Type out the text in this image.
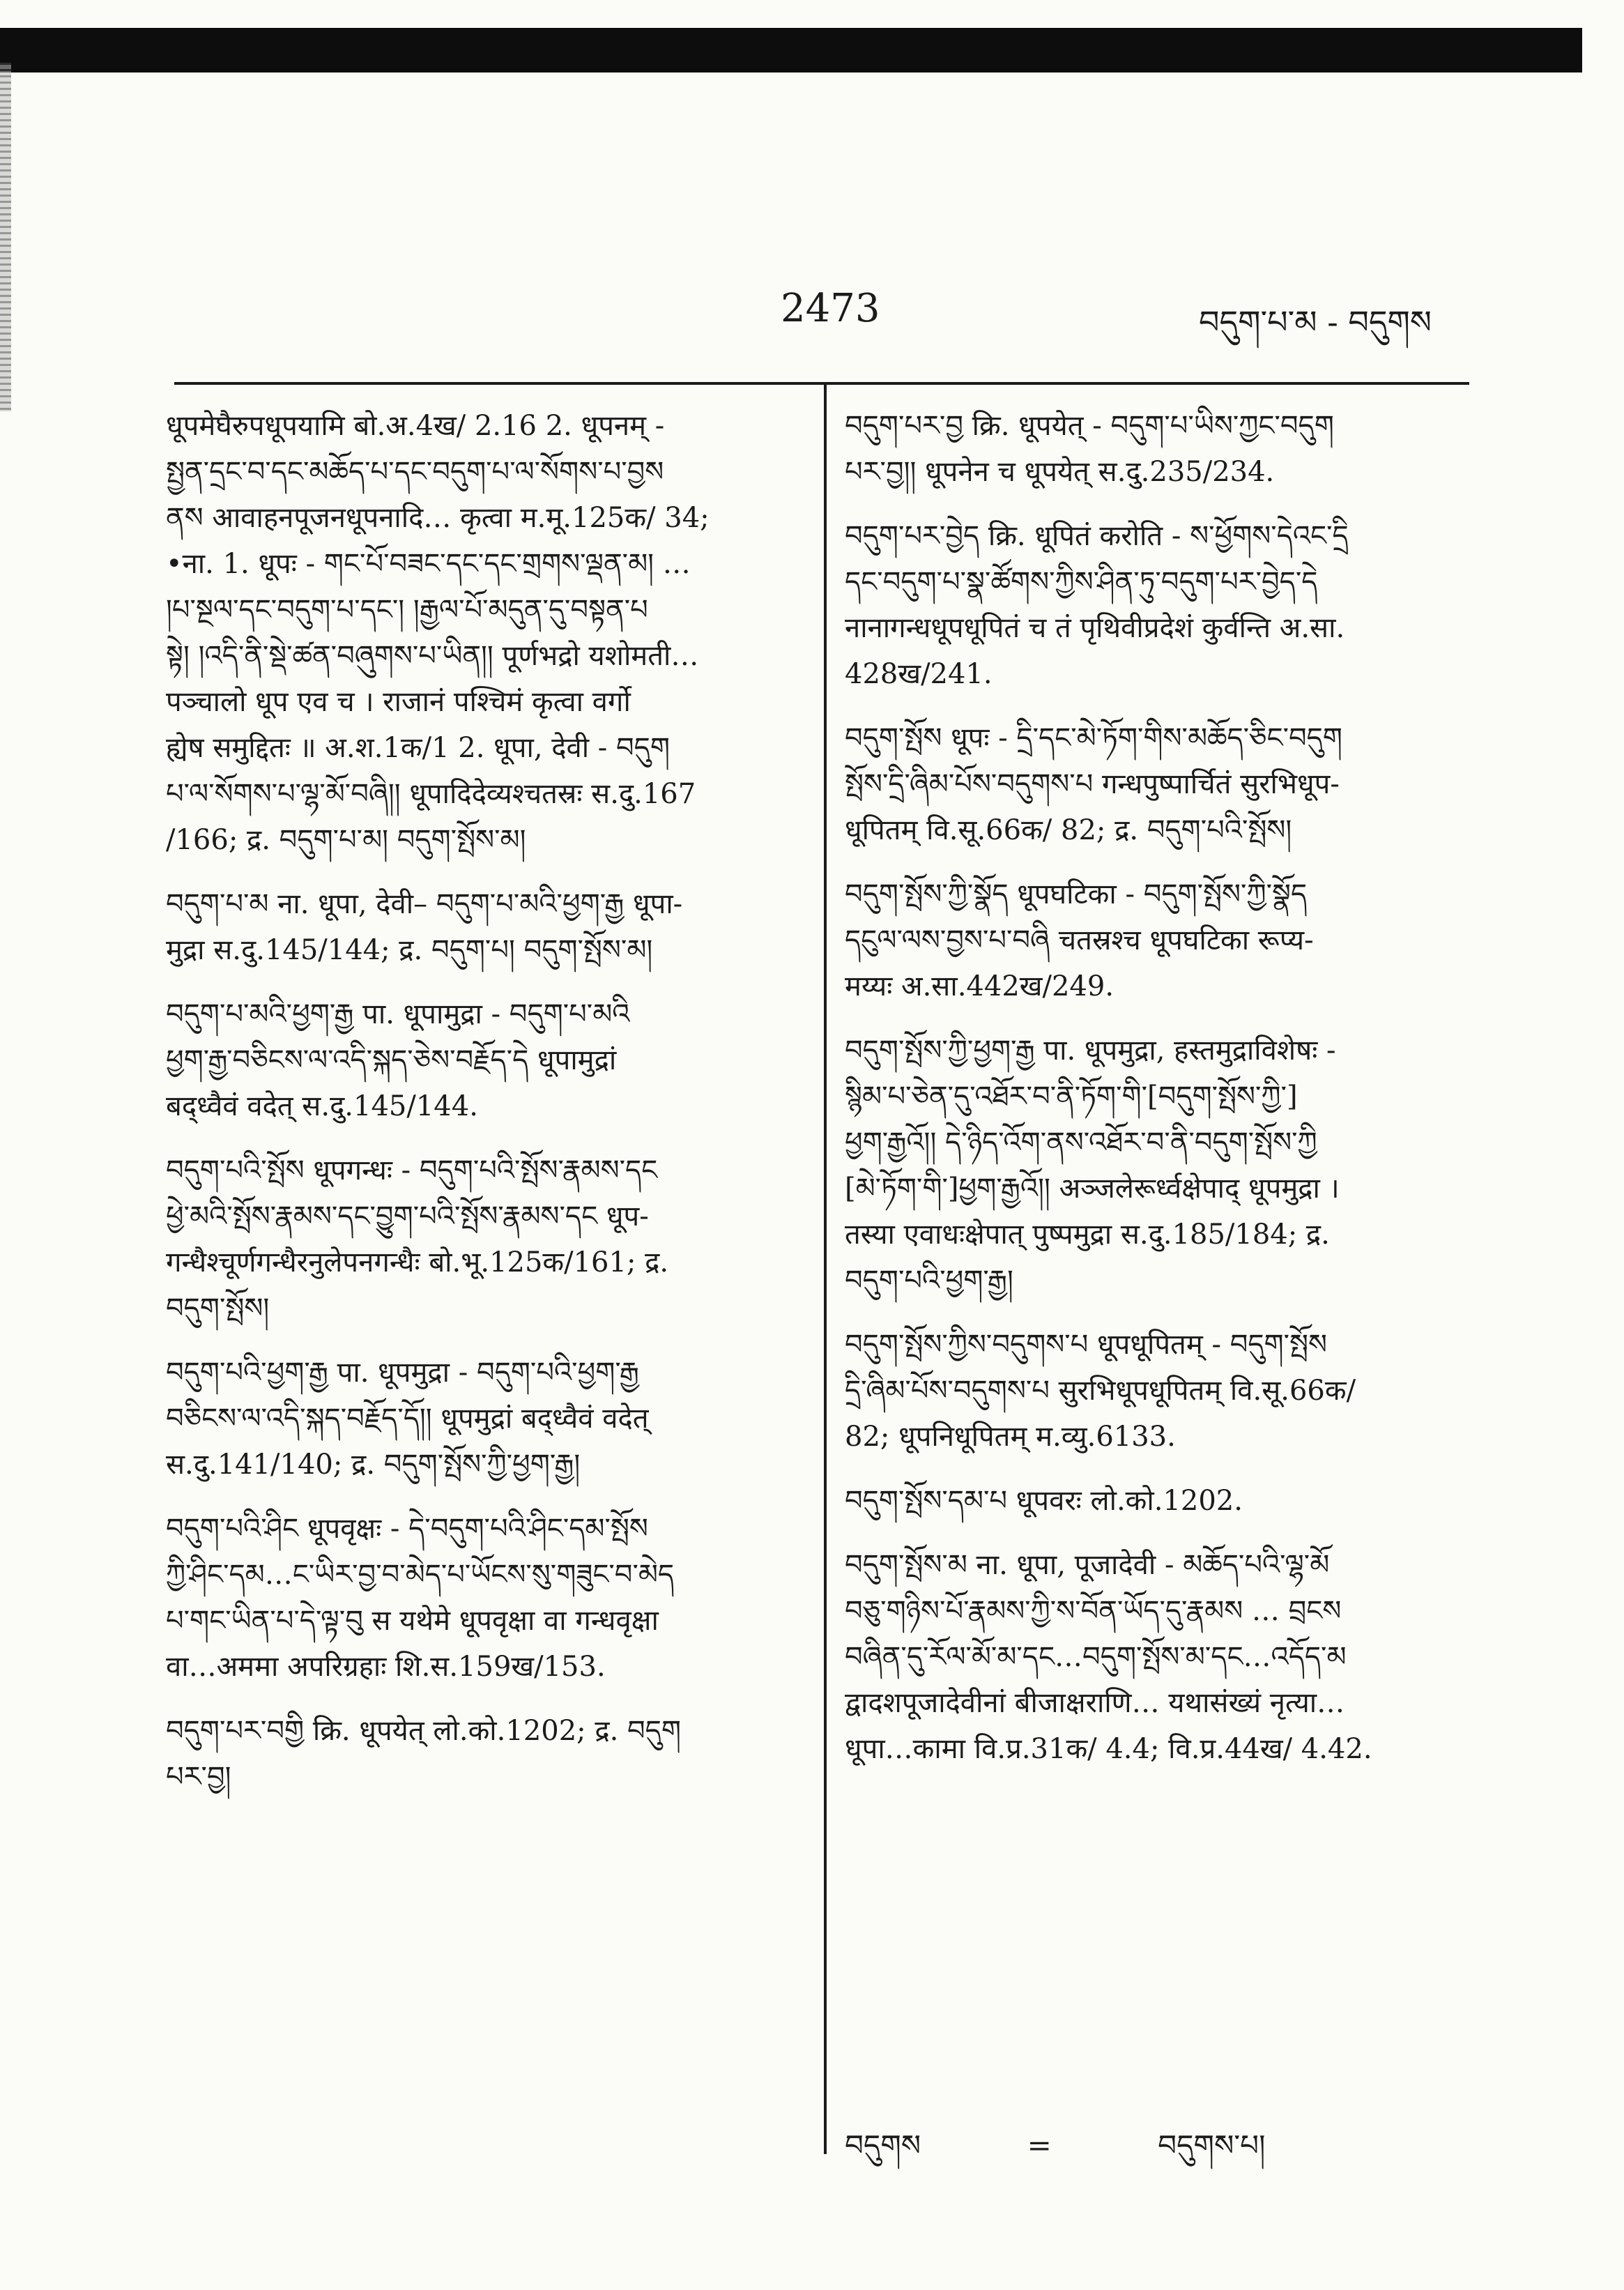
2473	བདུག་པ་མ - བདུགས
धूपमेघैरुपधूपयामि बो.अ.4ख/ 2.16 2. धूपनम् -
སྤྱན་དྲང་བ་དང་མཆོད་པ་དང་བདུག་པ་ལ་སོགས་པ་བྱས
ནས आवाहनपूजनधूपनादि… कृत्वा म.मू.125क/ 34;
•ना. 1. धूपः - གང་པོ་བཟང་དང་དང་གྲགས་ལྡན་མ། …
།པ་སྔལ་དང་བདུག་པ་དང་། །རྒྱལ་པོ་མདུན་དུ་བསྟན་པ
སྟེ། །འདི་ནི་སྡེ་ཚན་བཞུགས་པ་ཡིན།། पूर्णभद्रो यशोमती…
पञ्चालो धूप एव च । राजानं पश्चिमं कृत्वा वर्गो
ह्येष समुद्दितः ॥ अ.श.1क/1 2. धूपा, देवी - བདུག
པ་ལ་སོགས་པ་ལྷ་མོ་བཞི།། धूपादिदेव्यश्चतस्रः स.दु.167
/166; द्र. བདུག་པ་མ། བདུག་སྤོས་མ།
བདུག་པ་མ ना. धूपा, देवी– བདུག་པ་མའི་ཕྱག་རྒྱ धूपा-
मुद्रा स.दु.145/144; द्र. བདུག་པ། བདུག་སྤོས་མ།
བདུག་པ་མའི་ཕྱག་རྒྱ पा. धूपामुद्रा - བདུག་པ་མའི
ཕྱག་རྒྱ་བཅིངས་ལ་འདི་སྐད་ཅེས་བརྗོད་དེ धूपामुद्रां
बद्ध्वैवं वदेत् स.दु.145/144.
བདུག་པའི་སྤོས धूपगन्धः - བདུག་པའི་སྤོས་རྣམས་དང
ཕྱེ་མའི་སྤོས་རྣམས་དང་བྱུག་པའི་སྤོས་རྣམས་དང धूप-
गन्धैश्चूर्णगन्धैरनुलेपनगन्धैः बो.भू.125क/161; द्र.
བདུག་སྤོས།
བདུག་པའི་ཕྱག་རྒྱ पा. धूपमुद्रा - བདུག་པའི་ཕྱག་རྒྱ
བཅིངས་ལ་འདི་སྐད་བརྗོད་དོ།། धूपमुद्रां बद्ध्वैवं वदेत्
स.दु.141/140; द्र. བདུག་སྤོས་ཀྱི་ཕྱག་རྒྱ།
བདུག་པའི་ཤིང धूपवृक्षः - དེ་བདུག་པའི་ཤིང་དམ་སྤོས
ཀྱི་ཤིང་དམ…ང་ཡིར་བྱ་བ་མེད་པ་ཡོངས་སུ་གཟུང་བ་མེད
པ་གང་ཡིན་པ་དེ་ལྟ་བུ स यथेमे धूपवृक्षा वा गन्धवृक्षा
वा…अममा अपरिग्रहाः शि.स.159ख/153.
བདུག་པར་བགྱི क्रि. धूपयेत् लो.को.1202; द्र. བདུག
པར་བྱ།
བདུག་པར་བྱ क्रि. धूपयेत् - བདུག་པ་ཡིས་ཀྱང་བདུག
པར་བྱ།། धूपनेन च धूपयेत् स.दु.235/234.
བདུག་པར་བྱེད क्रि. धूपितं करोति - ས་ཕྱོགས་དེའང་དྲི
དང་བདུག་པ་སྣ་ཚོགས་ཀྱིས་ཤིན་ཏུ་བདུག་པར་བྱེད་དེ
नानागन्धधूपधूपितं च तं पृथिवीप्रदेशं कुर्वन्ति अ.सा.
428ख/241.
བདུག་སྤོས धूपः - དྲི་དང་མེ་ཏོག་གིས་མཆོད་ཅིང་བདུག
སྤོས་དྲི་ཞིམ་པོས་བདུགས་པ गन्धपुष्पार्चितं सुरभिधूप-
धूपितम् वि.सू.66क/ 82; द्र. བདུག་པའི་སྤོས།
བདུག་སྤོས་ཀྱི་སྣོད धूपघटिका - བདུག་སྤོས་ཀྱི་སྣོད
དངུལ་ལས་བྱས་པ་བཞི चतस्रश्च धूपघटिका रूप्य-
मय्यः अ.सा.442ख/249.
བདུག་སྤོས་ཀྱི་ཕྱག་རྒྱ पा. धूपमुद्रा, हस्तमुद्राविशेषः -
སྙིམ་པ་ཅེན་དུ་འཐོར་བ་ནི་ཏོག་གི་[བདུག་སྤོས་ཀྱི་]
ཕྱག་རྒྱའོ།། དེ་ཉིད་འོག་ནས་འཐོར་བ་ནི་བདུག་སྤོས་ཀྱི
[མེ་ཏོག་གི་]ཕྱག་རྒྱའོ།། अञ्जलेरूर्ध्वक्षेपाद् धूपमुद्रा ।
तस्या एवाधःक्षेपात् पुष्पमुद्रा स.दु.185/184; द्र.
བདུག་པའི་ཕྱག་རྒྱ།
བདུག་སྤོས་ཀྱིས་བདུགས་པ धूपधूपितम् - བདུག་སྤོས
དྲི་ཞིམ་པོས་བདུགས་པ सुरभिधूपधूपितम् वि.सू.66क/
82; धूपनिधूपितम् म.व्यु.6133.
བདུག་སྤོས་དམ་པ धूपवरः लो.को.1202.
བདུག་སྤོས་མ ना. धूपा, पूजादेवी - མཆོད་པའི་ལྷ་མོ
བཅུ་གཉིས་པོ་རྣམས་ཀྱི་ས་བོན་ཡོད་དུ་རྣམས … བྲངས
བཞིན་དུ་རོལ་མོ་མ་དང…བདུག་སྤོས་མ་དང…འདོད་མ
द्वादशपूजादेवीनां बीजाक्षराणि… यथासंख्यं नृत्या…
धूपा…कामा वि.प्र.31क/ 4.4; वि.प्र.44ख/ 4.42.
བདུགས	=	བདུགས་པ།
